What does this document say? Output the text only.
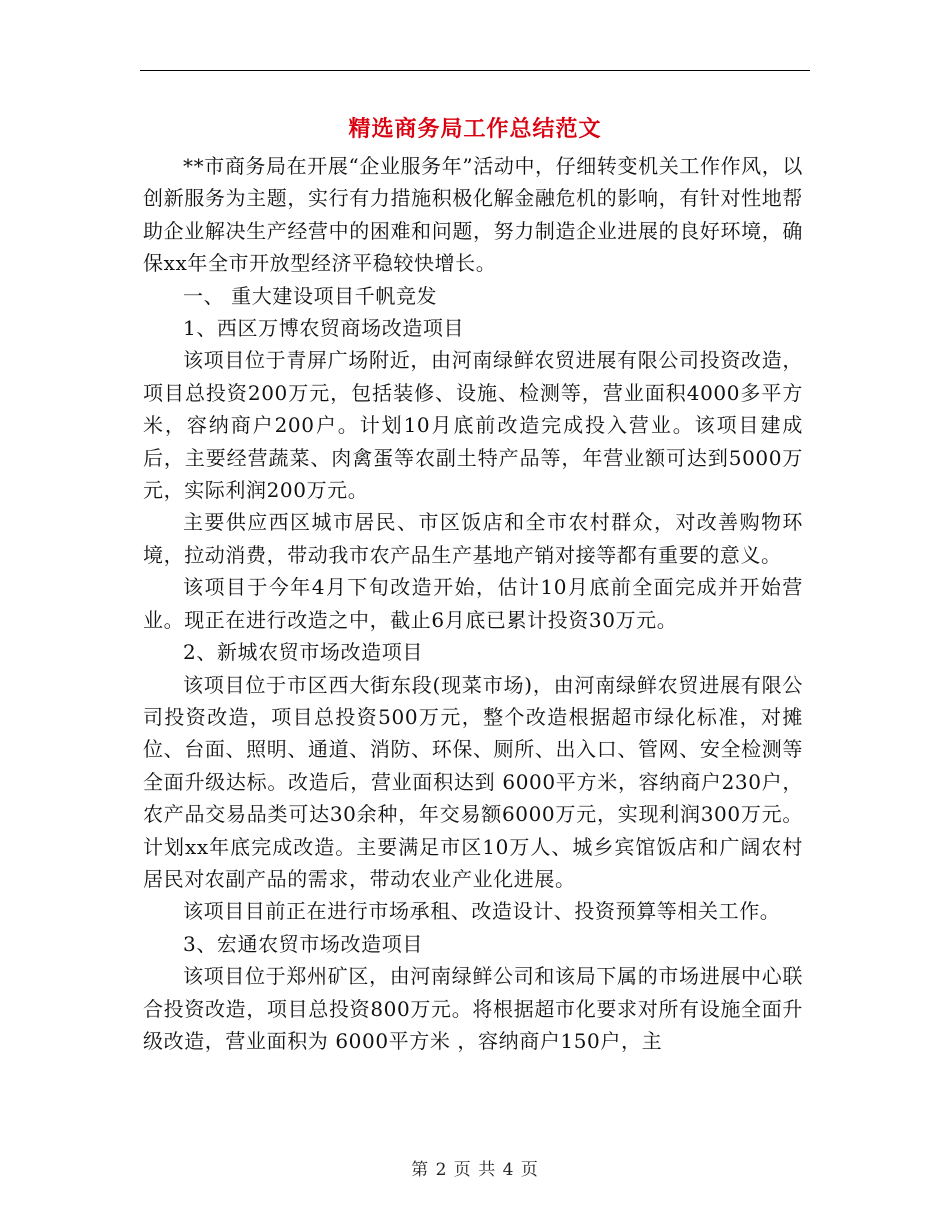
精选商务局工作总结范文

**市商务局在开展“企业服务年”活动中，仔细转变机关工作作风，以创新服务为主题，实行有力措施积极化解金融危机的影响，有针对性地帮助企业解决生产经营中的困难和问题，努力制造企业进展的良好环境，确保xx年全市开放型经济平稳较快增长。

一、 重大建设项目千帆竞发

1、西区万博农贸商场改造项目

该项目位于青屏广场附近，由河南绿鲜农贸进展有限公司投资改造，项目总投资200万元，包括装修、设施、检测等，营业面积4000多平方米，容纳商户200户。计划10月底前改造完成投入营业。该项目建成后，主要经营蔬菜、肉禽蛋等农副土特产品等，年营业额可达到5000万元，实际利润200万元。

主要供应西区城市居民、市区饭店和全市农村群众，对改善购物环境，拉动消费，带动我市农产品生产基地产销对接等都有重要的意义。

该项目于今年4月下旬改造开始，估计10月底前全面完成并开始营业。现正在进行改造之中，截止6月底已累计投资30万元。

2、新城农贸市场改造项目

该项目位于市区西大街东段(现菜市场)，由河南绿鲜农贸进展有限公司投资改造，项目总投资500万元，整个改造根据超市绿化标准，对摊位、台面、照明、通道、消防、环保、厕所、出入口、管网、安全检测等全面升级达标。改造后，营业面积达到 6000平方米，容纳商户230户，农产品交易品类可达30余种，年交易额6000万元，实现利润300万元。计划xx年底完成改造。主要满足市区10万人、城乡宾馆饭店和广阔农村居民对农副产品的需求，带动农业产业化进展。

该项目目前正在进行市场承租、改造设计、投资预算等相关工作。

3、宏通农贸市场改造项目

该项目位于郑州矿区，由河南绿鲜公司和该局下属的市场进展中心联合投资改造，项目总投资800万元。将根据超市化要求对所有设施全面升级改造，营业面积为 6000平方米 ，容纳商户150户，主

第 2 页 共 4 页
